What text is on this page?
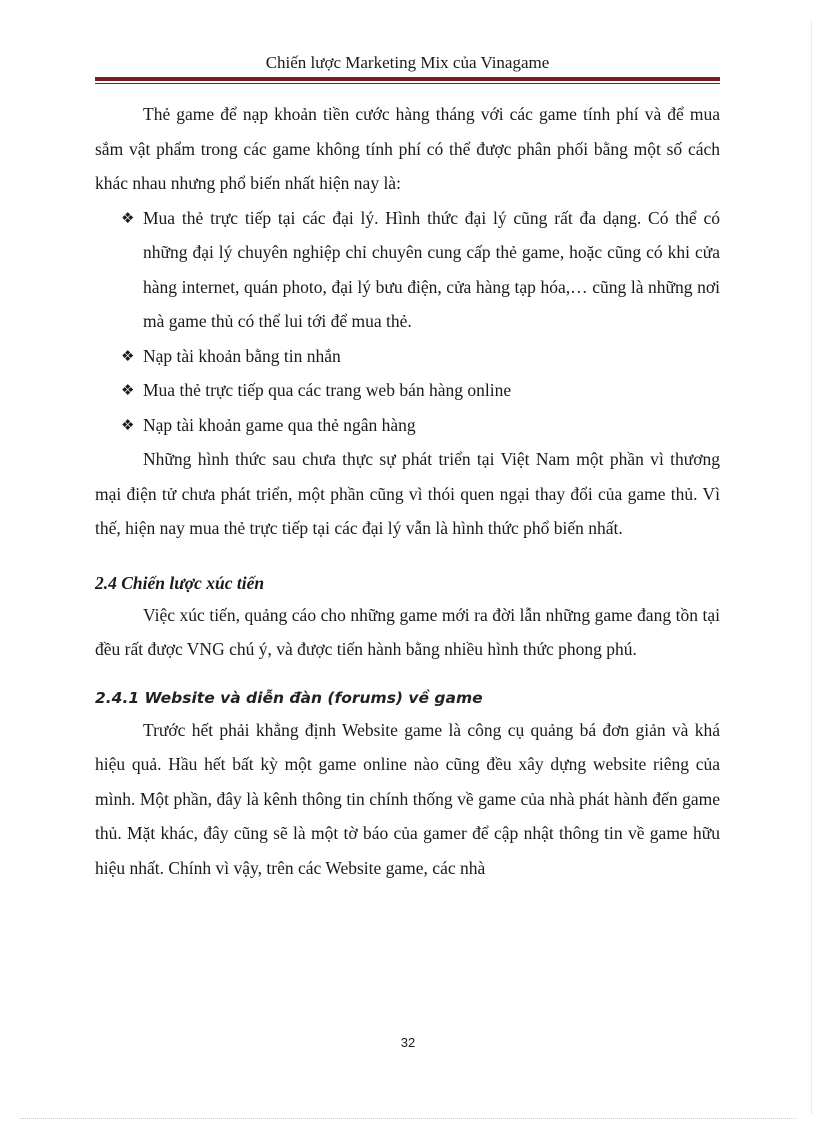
Chiến lược Marketing Mix của Vinagame

Thẻ game để nạp khoản tiền cước hàng tháng với các game tính phí và để mua sắm vật phẩm trong các game không tính phí có thể được phân phối bằng một số cách khác nhau nhưng phổ biến nhất hiện nay là:

❖ Mua thẻ trực tiếp tại các đại lý. Hình thức đại lý cũng rất đa dạng. Có thể có những đại lý chuyên nghiệp chỉ chuyên cung cấp thẻ game, hoặc cũng có khi cửa hàng internet, quán photo, đại lý bưu điện, cửa hàng tạp hóa,… cũng là những nơi mà game thủ có thể lui tới để mua thẻ.
❖ Nạp tài khoản bằng tin nhắn
❖ Mua thẻ trực tiếp qua các trang web bán hàng online
❖ Nạp tài khoản game qua thẻ ngân hàng

Những hình thức sau chưa thực sự phát triển tại Việt Nam một phần vì thương mại điện tử chưa phát triển, một phần cũng vì thói quen ngại thay đổi của game thủ. Vì thế, hiện nay mua thẻ trực tiếp tại các đại lý vẫn là hình thức phổ biến nhất.

2.4 Chiến lược xúc tiến

Việc xúc tiến, quảng cáo cho những game mới ra đời lẫn những game đang tồn tại đều rất được VNG chú ý, và được tiến hành bằng nhiều hình thức phong phú.

2.4.1 Website và diễn đàn (forums) về game

Trước hết phải khẳng định Website game là công cụ quảng bá đơn giản và khá hiệu quả. Hầu hết bất kỳ một game online nào cũng đều xây dựng website riêng của mình. Một phần, đây là kênh thông tin chính thống về game của nhà phát hành đến game thủ. Mặt khác, đây cũng sẽ là một tờ báo của gamer để cập nhật thông tin về game hữu hiệu nhất. Chính vì vậy, trên các Website game, các nhà

32
